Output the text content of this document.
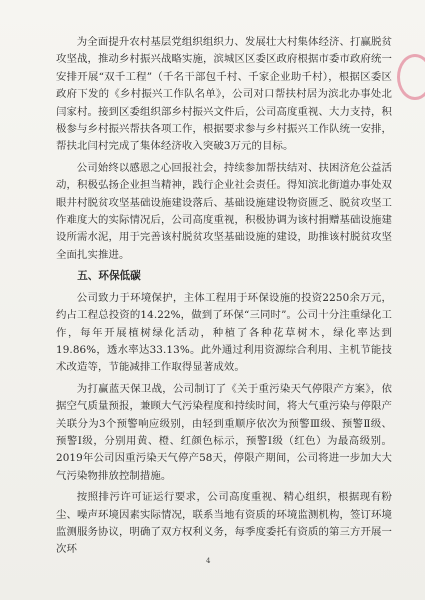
为全面提升农村基层党组织组织力、发展壮大村集体经济、打赢脱贫攻坚战，推动乡村振兴战略实施，滨城区区委区政府根据市委市政府统一安排开展“双千工程”（千名干部包千村、千家企业助千村），根据区委区政府下发的《乡村振兴工作队名单》，公司对口帮扶村居为滨北办事处北闫家村。接到区委组织部乡村振兴文件后，公司高度重视、大力支持，积极参与乡村振兴帮扶各项工作，根据要求参与乡村振兴工作队统一安排，帮扶北闫村完成了集体经济收入突破3万元的目标。

公司始终以感恩之心回报社会，持续参加帮扶结对、扶困济危公益活动，积极弘扬企业担当精神，践行企业社会责任。得知滨北街道办事处双眼井村脱贫攻坚基础设施建设落后、基础设施建设物资匮乏、脱贫攻坚工作难度大的实际情况后，公司高度重视，积极协调为该村捐赠基础设施建设所需水泥，用于完善该村脱贫攻坚基础设施的建设，助推该村脱贫攻坚全面扎实推进。

五、环保低碳

公司致力于环境保护，主体工程用于环保设施的投资2250余万元，约占工程总投资的14.22%，做到了环保“三同时”。公司十分注重绿化工作，每年开展植树绿化活动，种植了各种花草树木，绿化率达到19.86%，透水率达33.13%。此外通过利用资源综合利用、主机节能技术改造等，节能减排工作取得显著成效。

为打赢蓝天保卫战，公司制订了《关于重污染天气停限产方案》，依据空气质量预报，兼顾大气污染程度和持续时间，将大气重污染与停限产关联分为3个预警响应级别，由轻到重顺序依次为预警Ⅲ级、预警Ⅱ级、预警Ⅰ级，分别用黄、橙、红颜色标示，预警Ⅰ级（红色）为最高级别。2019年公司因重污染天气停产58天，停限产期间，公司将进一步加大大气污染物排放控制措施。

按照排污许可证运行要求，公司高度重视、精心组织，根据现有粉尘、噪声环境因素实际情况，联系当地有资质的环境监测机构，签订环境监测服务协议，明确了双方权利义务，每季度委托有资质的第三方开展一次环

4
